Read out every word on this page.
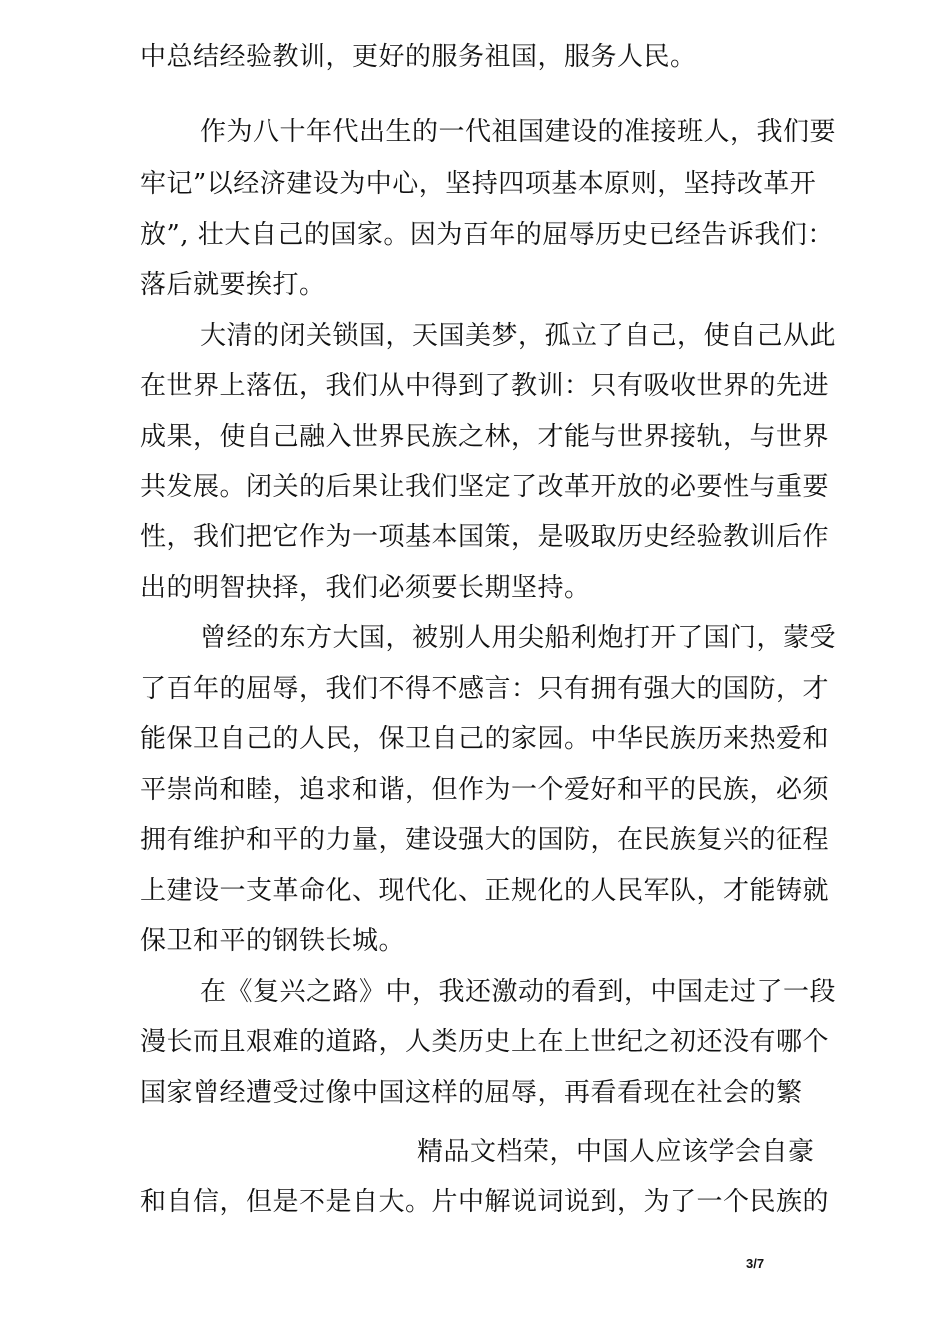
中总结经验教训，更好的服务祖国，服务人民。
作为八十年代出生的一代祖国建设的准接班人，我们要
牢记”以经济建设为中心，坚持四项基本原则，坚持改革开
放”, 壮大自己的国家。因为百年的屈辱历史已经告诉我们：
落后就要挨打。
大清的闭关锁国，天国美梦，孤立了自己，使自己从此
在世界上落伍，我们从中得到了教训：只有吸收世界的先进
成果，使自己融入世界民族之林，才能与世界接轨，与世界
共发展。闭关的后果让我们坚定了改革开放的必要性与重要
性，我们把它作为一项基本国策，是吸取历史经验教训后作
出的明智抉择，我们必须要长期坚持。
曾经的东方大国，被别人用尖船利炮打开了国门，蒙受
了百年的屈辱，我们不得不感言：只有拥有强大的国防，才
能保卫自己的人民，保卫自己的家园。中华民族历来热爱和
平崇尚和睦，追求和谐，但作为一个爱好和平的民族，必须
拥有维护和平的力量，建设强大的国防，在民族复兴的征程
上建设一支革命化、现代化、正规化的人民军队，才能铸就
保卫和平的钢铁长城。
在《复兴之路》中，我还激动的看到，中国走过了一段
漫长而且艰难的道路，人类历史上在上世纪之初还没有哪个
国家曾经遭受过像中国这样的屈辱，再看看现在社会的繁
精品文档荣，中国人应该学会自豪
和自信，但是不是自大。片中解说词说到，为了一个民族的
3/7
